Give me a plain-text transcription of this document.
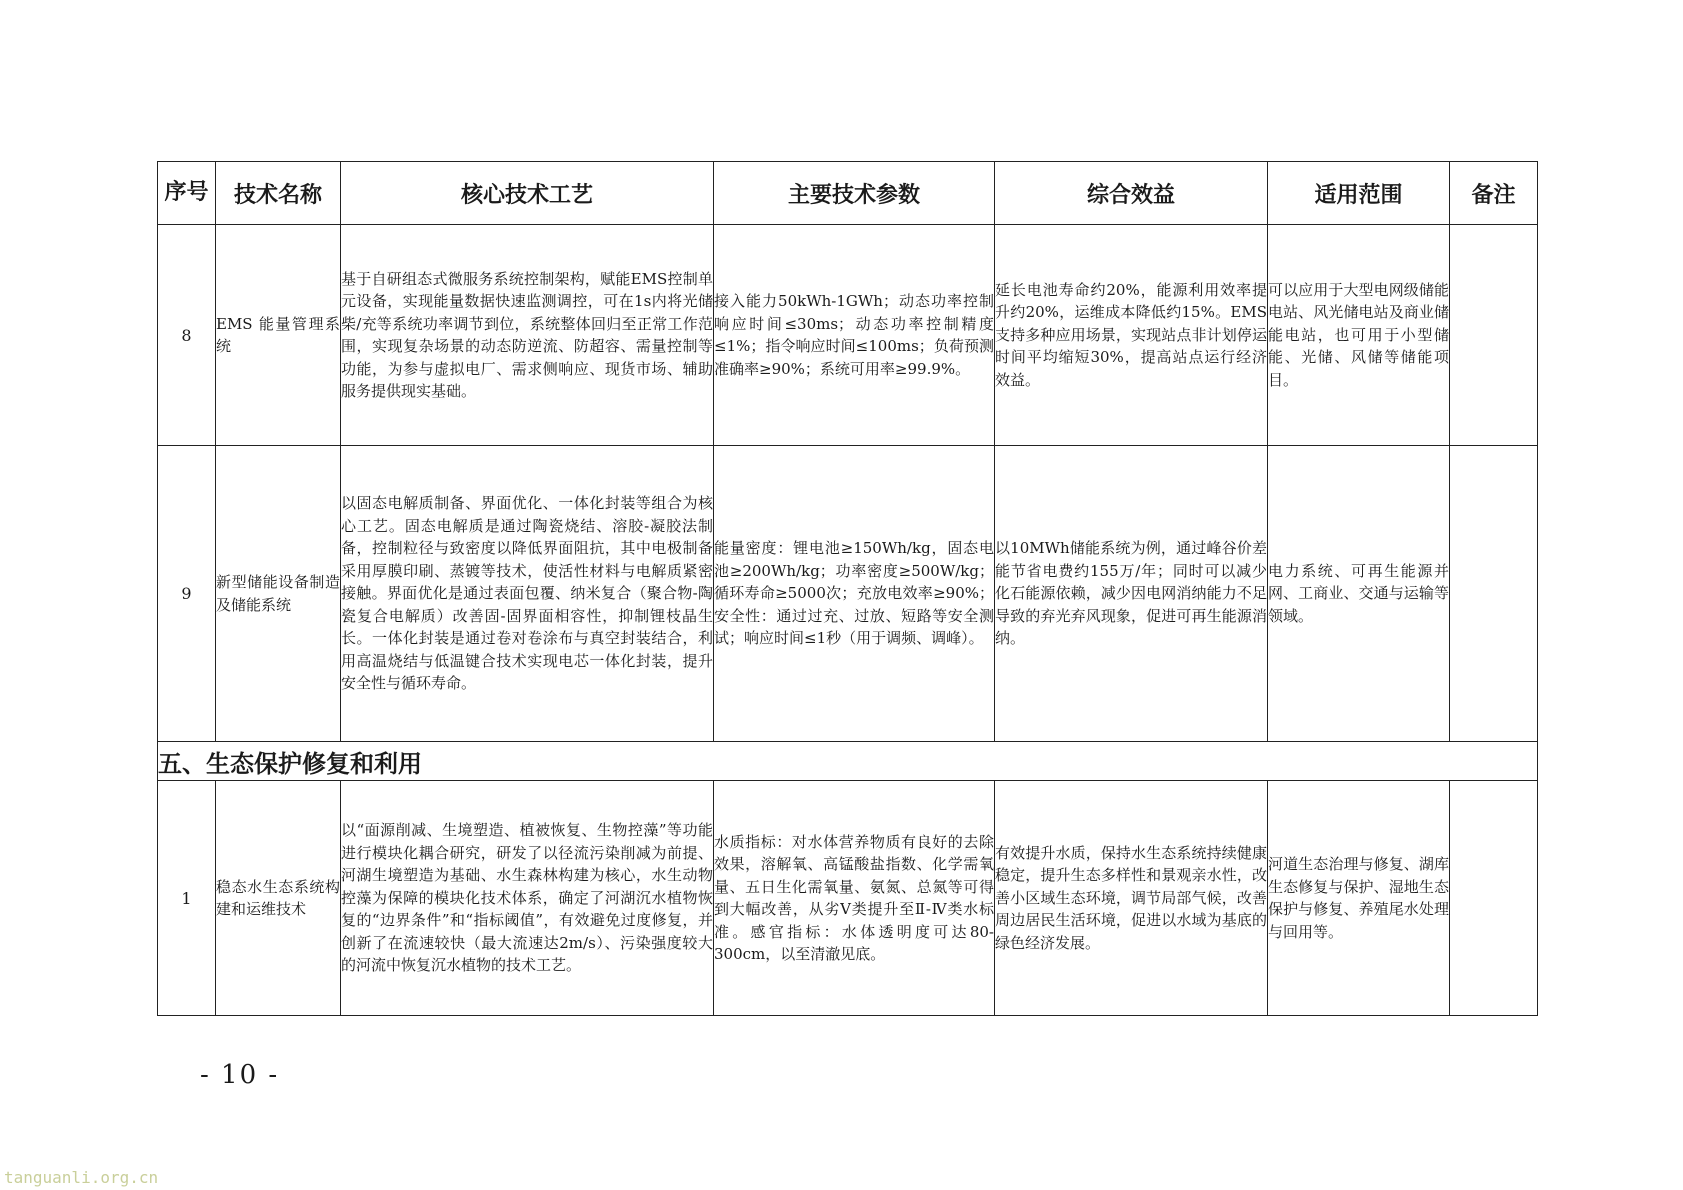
序号	技术名称	核心技术工艺	主要技术参数	综合效益	适用范围	备注
8	EMS 能量管理系统	基于自研组态式微服务系统控制架构，赋能EMS控制单元设备，实现能量数据快速监测调控，可在1s内将光储柴/充等系统功率调节到位，系统整体回归至正常工作范围，实现复杂场景的动态防逆流、防超容、需量控制等功能，为参与虚拟电厂、需求侧响应、现货市场、辅助服务提供现实基础。	接入能力50kWh-1GWh；动态功率控制响应时间≤30ms；动态功率控制精度≤1%；指令响应时间≤100ms；负荷预测准确率≥90%；系统可用率≥99.9%。	延长电池寿命约20%，能源利用效率提升约20%，运维成本降低约15%。EMS支持多种应用场景，实现站点非计划停运时间平均缩短30%，提高站点运行经济效益。	可以应用于大型电网级储能电站、风光储电站及商业储能电站，也可用于小型储能、光储、风储等储能项目。	
9	新型储能设备制造及储能系统	以固态电解质制备、界面优化、一体化封装等组合为核心工艺。固态电解质是通过陶瓷烧结、溶胶-凝胶法制备，控制粒径与致密度以降低界面阻抗，其中电极制备采用厚膜印刷、蒸镀等技术，使活性材料与电解质紧密接触。界面优化是通过表面包覆、纳米复合（聚合物-陶瓷复合电解质）改善固-固界面相容性，抑制锂枝晶生长。一体化封装是通过卷对卷涂布与真空封装结合，利用高温烧结与低温键合技术实现电芯一体化封装，提升安全性与循环寿命。	能量密度：锂电池≥150Wh/kg，固态电池≥200Wh/kg；功率密度≥500W/kg；循环寿命≥5000次；充放电效率≥90%；安全性：通过过充、过放、短路等安全测试；响应时间≤1秒（用于调频、调峰）。	以10MWh储能系统为例，通过峰谷价差能节省电费约155万/年；同时可以减少化石能源依赖，减少因电网消纳能力不足导致的弃光弃风现象，促进可再生能源消纳。	电力系统、可再生能源并网、工商业、交通与运输等领域。	
五、生态保护修复和利用						
1	稳态水生态系统构建和运维技术	以“面源削减、生境塑造、植被恢复、生物控藻”等功能进行模块化耦合研究，研发了以径流污染削减为前提、河湖生境塑造为基础、水生森林构建为核心，水生动物控藻为保障的模块化技术体系，确定了河湖沉水植物恢复的“边界条件”和“指标阈值”，有效避免过度修复，并创新了在流速较快（最大流速达2m/s）、污染强度较大的河流中恢复沉水植物的技术工艺。	水质指标：对水体营养物质有良好的去除效果，溶解氧、高锰酸盐指数、化学需氧量、五日生化需氧量、氨氮、总氮等可得到大幅改善，从劣Ⅴ类提升至Ⅱ-Ⅳ类水标准。感官指标：水体透明度可达80-300cm，以至清澈见底。	有效提升水质，保持水生态系统持续健康稳定，提升生态多样性和景观亲水性，改善小区域生态环境，调节局部气候，改善周边居民生活环境，促进以水域为基底的绿色经济发展。	河道生态治理与修复、湖库生态修复与保护、湿地生态保护与修复、养殖尾水处理与回用等。	
- 10 -
tanguanli.org.cn
